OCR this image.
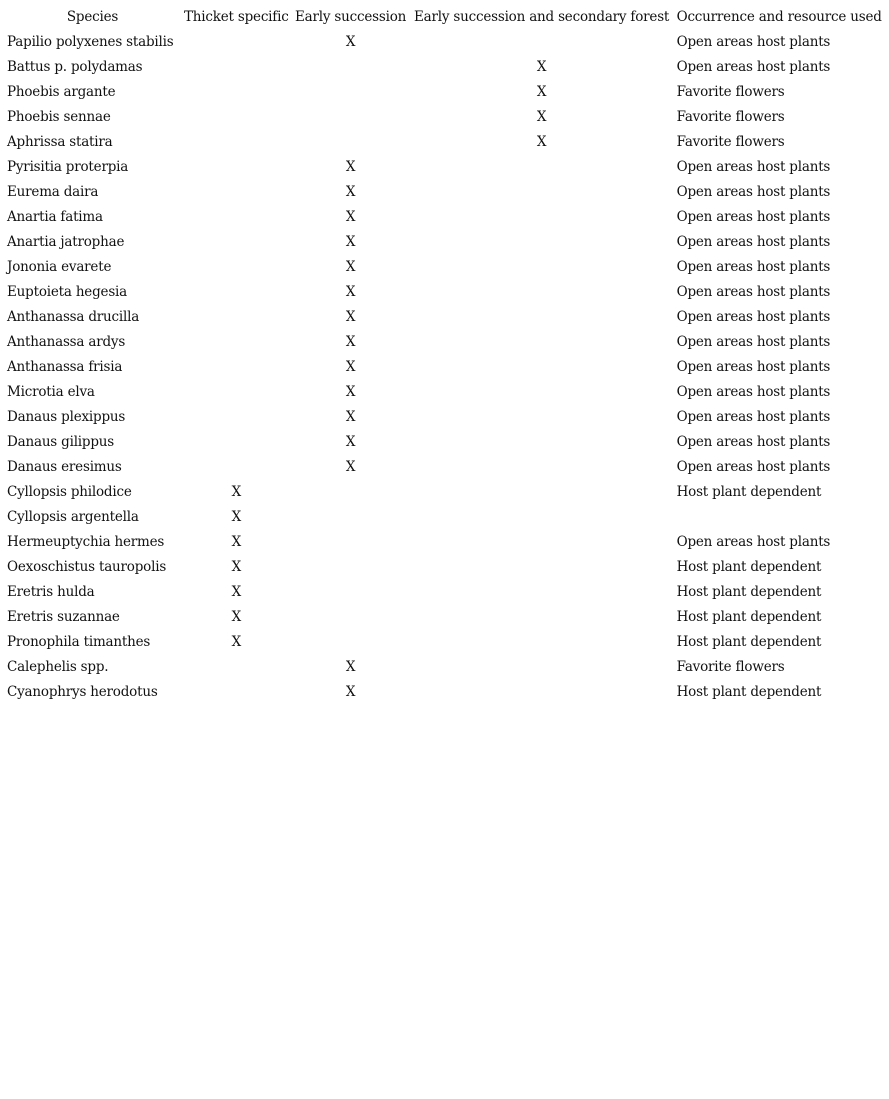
Species	Thicket specific	Early succession	Early succession and secondary forest	Occurrence and resource used
Papilio polyxenes stabilis		X		Open areas host plants
Battus p. polydamas			X	Open areas host plants
Phoebis argante			X	Favorite flowers
Phoebis sennae			X	Favorite flowers
Aphrissa statira			X	Favorite flowers
Pyrisitia proterpia		X		Open areas host plants
Eurema daira		X		Open areas host plants
Anartia fatima		X		Open areas host plants
Anartia jatrophae		X		Open areas host plants
Jononia evarete		X		Open areas host plants
Euptoieta hegesia		X		Open areas host plants
Anthanassa drucilla		X		Open areas host plants
Anthanassa ardys		X		Open areas host plants
Anthanassa frisia		X		Open areas host plants
Microtia elva		X		Open areas host plants
Danaus plexippus		X		Open areas host plants
Danaus gilippus		X		Open areas host plants
Danaus eresimus		X		Open areas host plants
Cyllopsis philodice	X			Host plant dependent
Cyllopsis argentella	X			
Hermeuptychia hermes	X			Open areas host plants
Oexoschistus tauropolis	X			Host plant dependent
Eretris hulda	X			Host plant dependent
Eretris suzannae	X			Host plant dependent
Pronophila timanthes	X			Host plant dependent
Calephelis spp.		X		Favorite flowers
Cyanophrys herodotus		X		Host plant dependent
